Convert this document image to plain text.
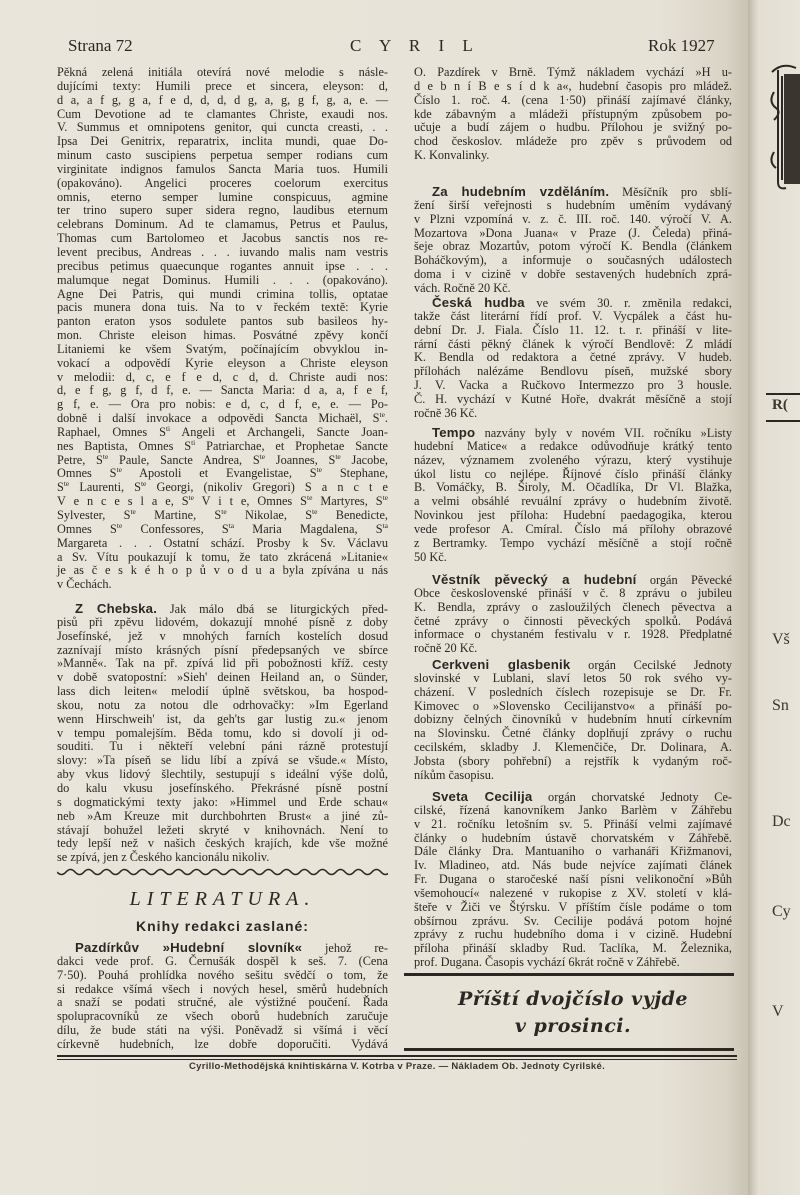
Strana 72	C Y R I L	Rok 1927
Pěkná zelená initiála otevírá nové melodie s násle-
dujícími texty: Humili prece et sincera, eleyson: d,
d a, a f g, g a, f e d, d, d, d g, a, g, g f, g, a, e. —
Cum Devotione ad te clamantes Christe, exaudi nos.
V. Summus et omnipotens genitor, qui cuncta creasti, . .
Ipsa Dei Genitrix, reparatrix, inclita mundi, quae Do-
minum casto suscipiens perpetua semper rodians cum
virginitate indignos famulos Sancta Maria tuos. Humili
(opakováno). Angelici proceres coelorum exercitus
omnis, eterno semper lumine conspicuus, agmine
ter trino supero super sidera regno, laudibus eternum
celebrans Dominum. Ad te clamamus, Petrus et Paulus,
Thomas cum Bartolomeo et Jacobus sanctis nos re-
levent precibus, Andreas . . . iuvando malis nam vestris
precibus petimus quaecunque rogantes annuit ipse . . .
malumque negat Dominus. Humili . . . (opakováno).
Agne Dei Patris, qui mundi crimina tollis, optatae
pacis munera dona tuis. Na to v řeckém textě: Kyrie
panton eraton ysos sodulete pantos sub basileos hy-
mon. Christe eleison himas. Posvátné zpěvy končí
Litaniemi ke všem Svatým, počínajícím obvyklou in-
vokací a odpovědí Kyrie eleyson a Christe eleyson
v melodii: d, c, e f e d, c d, d. Christe audi nos:
d, e f g, g f, d f, e. — Sancta Maria: d a, a, f e f,
g f, e. — Ora pro nobis: e d, c, d f, e, e. — Po-
dobně i další invokace a odpovědi Sancta Michaël, $S^{te}$.
Raphael, Omnes $S^{ti}$ Angeli et Archangeli, Sancte Joan-
nes Baptista, Omnes $S^{ti}$ Patriarchae, et Prophetae Sancte
Petre, $S^{te}$ Paule, Sancte Andrea, $S^{te}$ Joannes, $S^{te}$ Jacobe,
Omnes $S^{te}$ Apostoli et Evangelistae, $S^{te}$ Stephane,
$S^{te}$ Laurenti, $S^{te}$ Georgi, (nikoliv Gregori) S a n c t e
V e n c e s l a e, $S^{te}$ V i t e, Omnes $S^{te}$ Martyres, $S^{te}$
Sylvester, $S^{te}$ Martine, $S^{te}$ Nikolae, $S^{te}$ Benedicte,
Omnes $S^{te}$ Confessores, $S^{ta}$ Maria Magdalena, $S^{ta}$
Margareta . . . Ostatní schází. Prosby k Sv. Václavu
a Sv. Vítu poukazují k tomu, že tato zkrácená »Litanie«
je as č e s k é h o p ů v o d u a byla zpívána u nás
v Čechách.
Z Chebska. Jak málo dbá se liturgických před-
pisů při zpěvu lidovém, dokazují mnohé písně z doby
Josefínské, jež v mnohých farních kostelích dosud
zaznívají místo krásných písní předepsaných ve sbírce
»Manně«. Tak na př. zpívá lid při pobožnosti kříž. cesty
v době svatopostní: »Sieh' deinen Heiland an, o Sünder,
lass dich leiten« melodií úplně světskou, ba hospod-
skou, notu za notou dle odrhovačky: »Im Egerland
wenn Hirschweih' ist, da geh'ts gar lustig zu.« jenom
v tempu pomalejším. Běda tomu, kdo si dovolí ji od-
souditi. Tu i někteří velební páni rázně protestují
slovy: »Ta píseň se lidu líbí a zpívá se všude.« Místo,
aby vkus lidový šlechtily, sestupují s ideální výše dolů,
do kalu vkusu josefínského. Překrásné písně postní
s dogmatickými texty jako: »Himmel und Erde schau«
neb »Am Kreuze mit durchbohrten Brust« a jiné zů-
stávají bohužel ležeti skryté v knihovnách. Není to
tedy lepší než v našich českých krajích, kde vše možné
se zpívá, jen z Českého kancionálu nikoliv.
Pazdírkův »Hudební slovník« jehož re-
dakci vede prof. G. Černušák dospěl k seš. 7. (Cena
7·50). Pouhá prohlídka nového sešitu svědčí o tom, že
si redakce všímá všech i nových hesel, směrů hudebních
a snaží se podati stručné, ale výstižné poučení. Řada
spolupracovníků ze všech oborů hudebních zaručuje
dílu, že bude státi na výši. Poněvadž si všímá i věcí
církevně hudebních, lze dobře doporučiti. Vydává
O. Pazdírek v Brně. Týmž nákladem vychází »H u-
d e b n í B e s í d k a«, hudební časopis pro mládež.
Číslo 1. roč. 4. (cena 1·50) přináší zajímavé články,
kde zábavným a mládeži přístupným způsobem po-
učuje a budí zájem o hudbu. Přílohou je svižný po-
chod českoslov. mládeže pro zpěv s průvodem od
K. Konvalinky.
Za hudebním vzděláním. Měsíčník pro sblí-
žení širší veřejnosti s hudebním uměním vydávaný
v Plzni vzpomíná v. z. č. III. roč. 140. výročí V. A.
Mozartova »Dona Juana« v Praze (J. Čeleda) přiná-
šeje obraz Mozartův, potom výročí K. Bendla (článkem
Boháčkovým), a informuje o současných událostech
doma i v cizině v dobře sestavených hudebních zprá-
vách. Ročně 20 Kč.
Česká hudba ve svém 30. r. změnila redakci,
takže část literární řídí prof. V. Vycpálek a část hu-
dební Dr. J. Fiala. Číslo 11. 12. t. r. přináší v lite-
rární části pěkný článek k výročí Bendlově: Z mládí
K. Bendla od redaktora a četné zprávy. V hudeb.
přílohách nalézáme Bendlovu píseň, mužské sbory
J. V. Vacka a Ručkovo Intermezzo pro 3 housle.
Č. H. vychází v Kutné Hoře, dvakrát měsíčně a stojí
ročně 36 Kč.
Tempo nazvány byly v novém VII. ročníku »Listy
hudební Matice« a redakce odůvodňuje krátký tento
název, významem zvoleného výrazu, který vystihuje
úkol listu co nejlépe. Říjnové číslo přináší články
B. Vomáčky, B. Široly, M. Očadlíka, Dr Vl. Blažka,
a velmi obsáhlé revuální zprávy o hudebním životě.
Novinkou jest příloha: Hudební paedagogika, kterou
vede profesor A. Cmíral. Číslo má přílohy obrazové
z Bertramky. Tempo vychází měsíčně a stojí ročně
50 Kč.
Věstník pěvecký a hudební orgán Pěvecké
Obce československé přináší v č. 8 zprávu o jubileu
K. Bendla, zprávy o zasloužilých členech pěvectva a
četné zprávy o činnosti pěveckých spolků. Podává
informace o chystaném festivalu v r. 1928. Předplatné
ročně 20 Kč.
Cerkveni glasbenik orgán Cecilské Jednoty
slovinské v Lublani, slaví letos 50 rok svého vy-
cházení. V posledních číslech rozepisuje se Dr. Fr.
Kimovec o »Slovensko Cecilijanstvo« a přináší po-
dobizny čelných činovníků v hudebním hnutí církevním
na Slovinsku. Četné články doplňují zprávy o ruchu
cecilském, skladby J. Klemenčiče, Dr. Dolinara, A.
Jobsta (sbory pohřební) a rejstřík k vydaným roč-
níkům časopisu.
Sveta Cecilija orgán chorvatské Jednoty Ce-
cilské, řízená kanovníkem Janko Barlèm v Záhřebu
v 21. ročníku letošním sv. 5. Přináší velmi zajímavé
články o hudebním ústavě chorvatském v Záhřebě.
Dále články Dra. Mantuaniho o varhanáři Křižmanovi,
Iv. Mladineo, atd. Nás bude nejvíce zajímati článek
Fr. Dugana o staročeské naší písni velikonoční »Bůh
všemohoucí« nalezené v rukopise z XV. století v klá-
šteře v Žiči ve Štýrsku. V příštím čísle podáme o tom
obšírnou zprávu. Sv. Cecilije podává potom hojné
zprávy z ruchu hudebního doma i v cizině. Hudební
příloha přináší skladby Rud. Taclíka, M. Železnika,
prof. Dugana. Časopis vychází 6krát ročně v Záhřebě.
LITERATURA.
Knihy redakci zaslané:
Příští dvojčíslo vyjde
v prosinci.
Cyrillo-Methodějská knihtiskárna V. Kotrba v Praze. — Nákladem Ob. Jednoty Cyrilské.
R(
Vš
Sn
Dc
Cy
V
